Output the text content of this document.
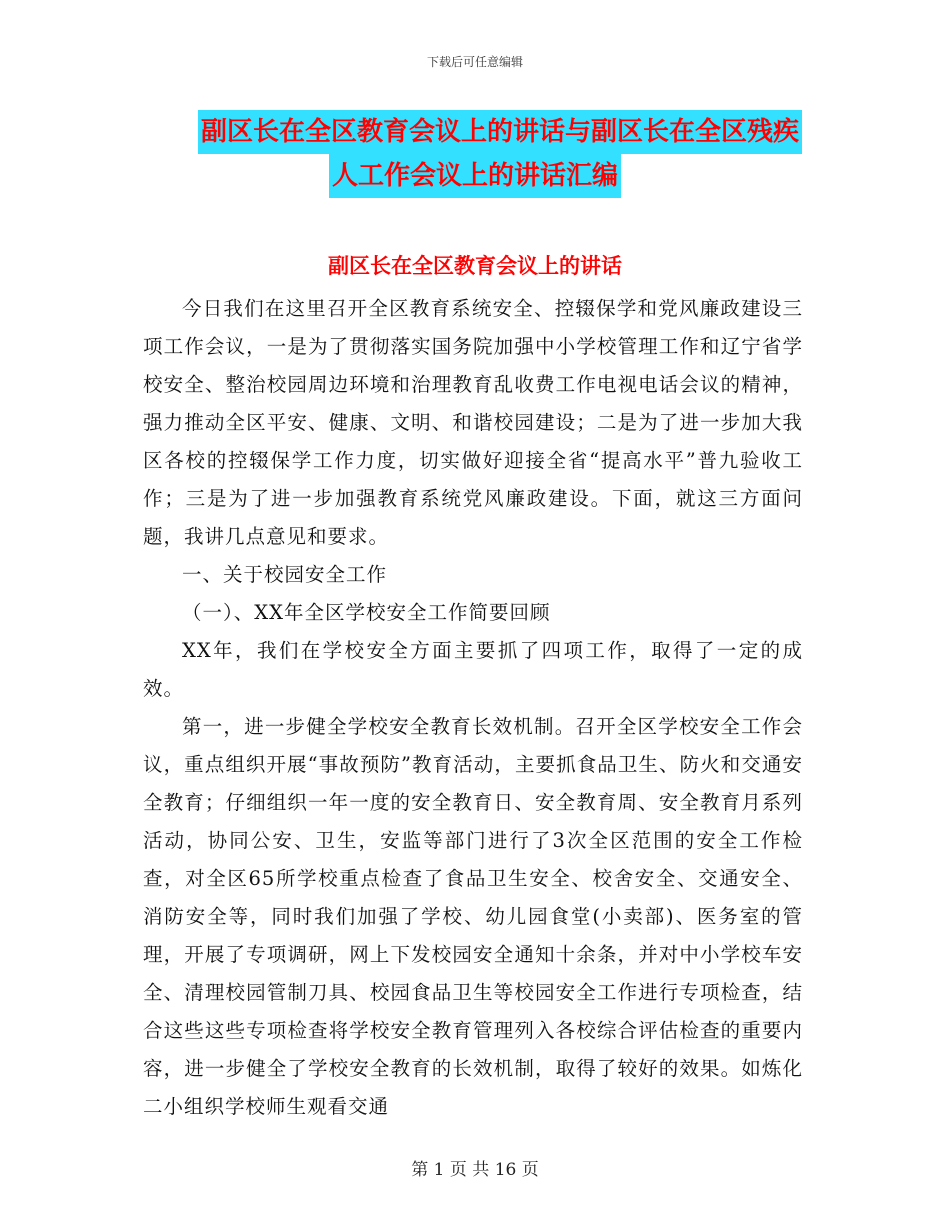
下载后可任意编辑
副区长在全区教育会议上的讲话与副区长在全区残疾
人工作会议上的讲话汇编
副区长在全区教育会议上的讲话

今日我们在这里召开全区教育系统安全、控辍保学和党风廉政建设三项工作会议，一是为了贯彻落实国务院加强中小学校管理工作和辽宁省学校安全、整治校园周边环境和治理教育乱收费工作电视电话会议的精神，强力推动全区平安、健康、文明、和谐校园建设；二是为了进一步加大我区各校的控辍保学工作力度，切实做好迎接全省“提高水平”普九验收工作；三是为了进一步加强教育系统党风廉政建设。下面，就这三方面问题，我讲几点意见和要求。

一、关于校园安全工作

（一）、XX年全区学校安全工作简要回顾

XX年，我们在学校安全方面主要抓了四项工作，取得了一定的成效。

第一，进一步健全学校安全教育长效机制。召开全区学校安全工作会议，重点组织开展“事故预防”教育活动，主要抓食品卫生、防火和交通安全教育；仔细组织一年一度的安全教育日、安全教育周、安全教育月系列活动，协同公安、卫生，安监等部门进行了3次全区范围的安全工作检查，对全区65所学校重点检查了食品卫生安全、校舍安全、交通安全、消防安全等，同时我们加强了学校、幼儿园食堂(小卖部)、医务室的管理，开展了专项调研，网上下发校园安全通知十余条，并对中小学校车安全、清理校园管制刀具、校园食品卫生等校园安全工作进行专项检查，结合这些这些专项检查将学校安全教育管理列入各校综合评估检查的重要内容，进一步健全了学校安全教育的长效机制，取得了较好的效果。如炼化二小组织学校师生观看交通

第 1 页 共 16 页
